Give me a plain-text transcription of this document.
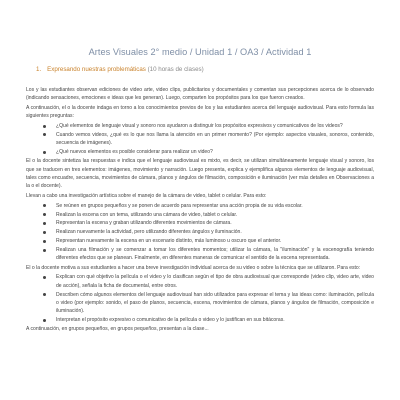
Artes Visuales 2° medio / Unidad 1 / OA3 / Actividad 1
1. Expresando nuestras problemáticas (10 horas de clases)

Los y las estudiantes observan ediciones de video arte, video clips, publicitarios y documentales y comentan sus percepciones acerca de lo observado (indicando sensaciones, emociones e ideas que les generan). Luego, comparten los propósitos para los que fueron creados.

A continuación, el o la docente indaga en torno a los conocimientos previos de los y las estudiantes acerca del lenguaje audiovisual. Para esto formula las siguientes preguntas:

¿Qué elementos de lenguaje visual y sonoro nos ayudaron a distinguir los propósitos expresivos y comunicativos de los videos?
Cuando vemos videos, ¿qué es lo que nos llama la atención en un primer momento? (Por ejemplo: aspectos visuales, sonoros, contenido, secuencia de imágenes).
¿Qué nuevos elementos es posible considerar para realizar un video?

El o la docente sintetiza las respuestas e indica que el lenguaje audiovisual es mixto, es decir, se utilizan simultáneamente lenguaje visual y sonoro, los que se traducen en tres elementos: imágenes, movimiento y narración. Luego presenta, explica y ejemplifica algunos elementos de lenguaje audiovisual, tales como encuadre, secuencia, movimientos de cámara, planos y ángulos de filmación, composición e iluminación (ver más detalles en Observaciones a la o el docente).

Llevan a cabo una investigación artística sobre el manejo de la cámara de video, tablet o celular. Para esto:

Se reúnen en grupos pequeños y se ponen de acuerdo para representar una acción propia de su vida escolar.
Realizan la escena con un tema, utilizando una cámara de video, tablet o celular.
Representan la escena y graban utilizando diferentes movimientos de cámara.
Realizan nuevamente la actividad, pero utilizando diferentes ángulos y iluminación.
Representan nuevamente la escena en un escenario distinto, más luminoso u oscuro que el anterior.
Realizan una filmación y se comenzar a tomar los diferentes momentos; utilizar la cámara, la "iluminación" y la escenografía teniendo diferentes efectos que se planean. Finalmente, en diferentes maneras de comunicar el sentido de la escena representada.

El o la docente motiva a sus estudiantes a hacer una breve investigación individual acerca de su video o sobre la técnica que se utilizaron. Para esto:

Explican con qué objetivo la película o el video y lo clasifican según el tipo de obra audiovisual que corresponde (video clip, video arte, video de acción), señala la ficha de documental, entre otros.
Describen cómo algunos elementos del lenguaje audiovisual han sido utilizados para expresar el tema y las ideas como: iluminación, película o video (por ejemplo: sonido, el paso de planos, secuencia, escena, movimientos de cámara, planos y ángulos de filmación, composición e iluminación).
Interpretan el propósito expresivo o comunicativo de la película o video y lo justifican en sus bitácoras.

A continuación, en grupos pequeños, en grupos pequeños, presentan a la clase...
